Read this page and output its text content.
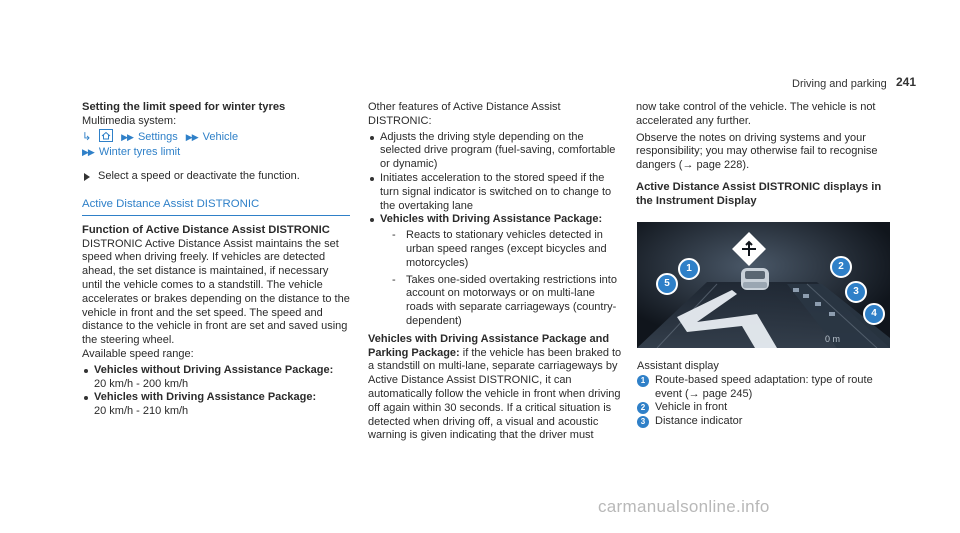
Driving and parking 241
Setting the limit speed for winter tyres
Multimedia system:
↳	▶▶ Settings ▶▶ Vehicle
▶▶ Winter tyres limit
Select a speed or deactivate the function.
Active Distance Assist DISTRONIC
Function of Active Distance Assist DISTRONIC

DISTRONIC Active Distance Assist maintains the set speed when driving freely. If vehicles are detected ahead, the set distance is maintained, if necessary until the vehicle comes to a standstill. The vehicle accelerates or brakes depending on the distance to the vehicle in front and the set speed. The speed and distance to the vehicle in front are set and saved using the steering wheel.

Available speed range:
Vehicles without Driving Assistance Package:
20 km/h - 200 km/h
Vehicles with Driving Assistance Package:
20 km/h - 210 km/h

Other features of Active Distance Assist DISTRONIC:

Adjusts the driving style depending on the selected drive program (fuel-saving, comfortable or dynamic)
Initiates acceleration to the stored speed if the turn signal indicator is switched on to change to the overtaking lane
Vehicles with Driving Assistance Package:
- Reacts to stationary vehicles detected in urban speed ranges (except bicycles and motorcycles)
- Takes one-sided overtaking restrictions into account on motorways or on multi-lane roads with separate carriageways (country-dependent)

Vehicles with Driving Assistance Package and Parking Package: if the vehicle has been braked to a standstill on multi-lane, separate carriageways by Active Distance Assist DISTRONIC, it can automatically follow the vehicle in front when driving off again within 30 seconds. If a critical situation is detected when driving off, a visual and acoustic warning is given indicating that the driver must

now take control of the vehicle. The vehicle is not accelerated any further.

Observe the notes on driving systems and your responsibility; you may otherwise fail to recognise dangers (→ page 228).

Active Distance Assist DISTRONIC displays in the Instrument Display
0 m
1	2
3
4
5
Assistant display
1 Route-based speed adaptation: type of route event (→ page 245)
2 Vehicle in front
3 Distance indicator
carmanualsonline.info
